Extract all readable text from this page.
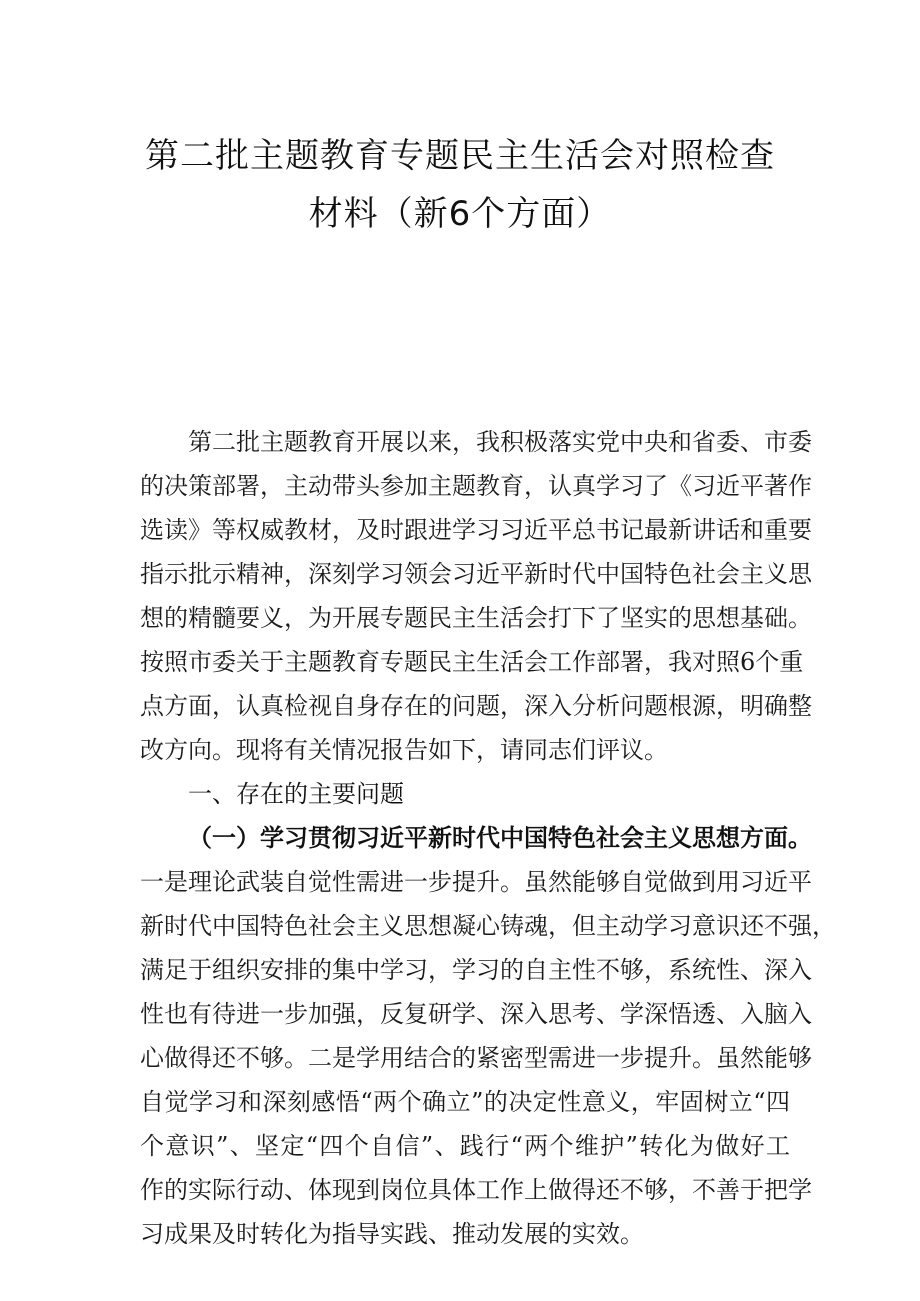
第二批主题教育专题民主生活会对照检查
材料（新6个方面）
第二批主题教育开展以来，我积极落实党中央和省委、市委
的决策部署，主动带头参加主题教育，认真学习了《习近平著作
选读》等权威教材，及时跟进学习习近平总书记最新讲话和重要
指示批示精神，深刻学习领会习近平新时代中国特色社会主义思
想的精髓要义，为开展专题民主生活会打下了坚实的思想基础。
按照市委关于主题教育专题民主生活会工作部署，我对照6个重
点方面，认真检视自身存在的问题，深入分析问题根源，明确整
改方向。现将有关情况报告如下，请同志们评议。
一、存在的主要问题
（一）学习贯彻习近平新时代中国特色社会主义思想方面。
一是理论武装自觉性需进一步提升。虽然能够自觉做到用习近平
新时代中国特色社会主义思想凝心铸魂，但主动学习意识还不强，
满足于组织安排的集中学习，学习的自主性不够，系统性、深入
性也有待进一步加强，反复研学、深入思考、学深悟透、入脑入
心做得还不够。二是学用结合的紧密型需进一步提升。虽然能够
自觉学习和深刻感悟“两个确立”的决定性意义，牢固树立“四
个意识”、坚定“四个自信”、践行“两个维护”转化为做好工
作的实际行动、体现到岗位具体工作上做得还不够，不善于把学
习成果及时转化为指导实践、推动发展的实效。
